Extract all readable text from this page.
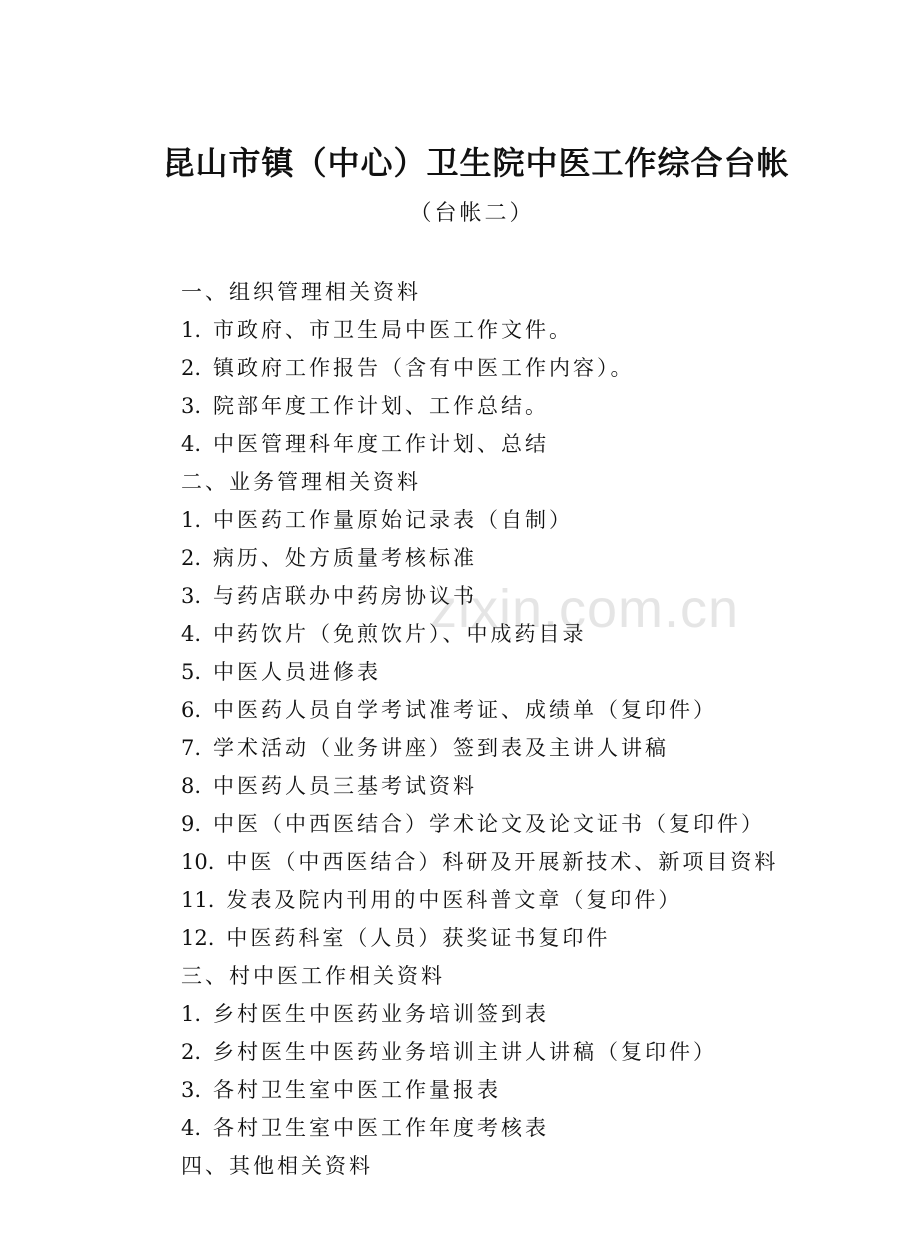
zixin.com.cn
昆山市镇（中心）卫生院中医工作综合台帐
（台帐二）
一、组织管理相关资料
1. 市政府、市卫生局中医工作文件。
2. 镇政府工作报告（含有中医工作内容）。
3. 院部年度工作计划、工作总结。
4. 中医管理科年度工作计划、总结
二、业务管理相关资料
1. 中医药工作量原始记录表（自制）
2. 病历、处方质量考核标准
3. 与药店联办中药房协议书
4. 中药饮片（免煎饮片）、中成药目录
5. 中医人员进修表
6. 中医药人员自学考试准考证、成绩单（复印件）
7. 学术活动（业务讲座）签到表及主讲人讲稿
8. 中医药人员三基考试资料
9. 中医（中西医结合）学术论文及论文证书（复印件）
10. 中医（中西医结合）科研及开展新技术、新项目资料
11. 发表及院内刊用的中医科普文章（复印件）
12. 中医药科室（人员）获奖证书复印件
三、村中医工作相关资料
1. 乡村医生中医药业务培训签到表
2. 乡村医生中医药业务培训主讲人讲稿（复印件）
3. 各村卫生室中医工作量报表
4. 各村卫生室中医工作年度考核表
四、其他相关资料
